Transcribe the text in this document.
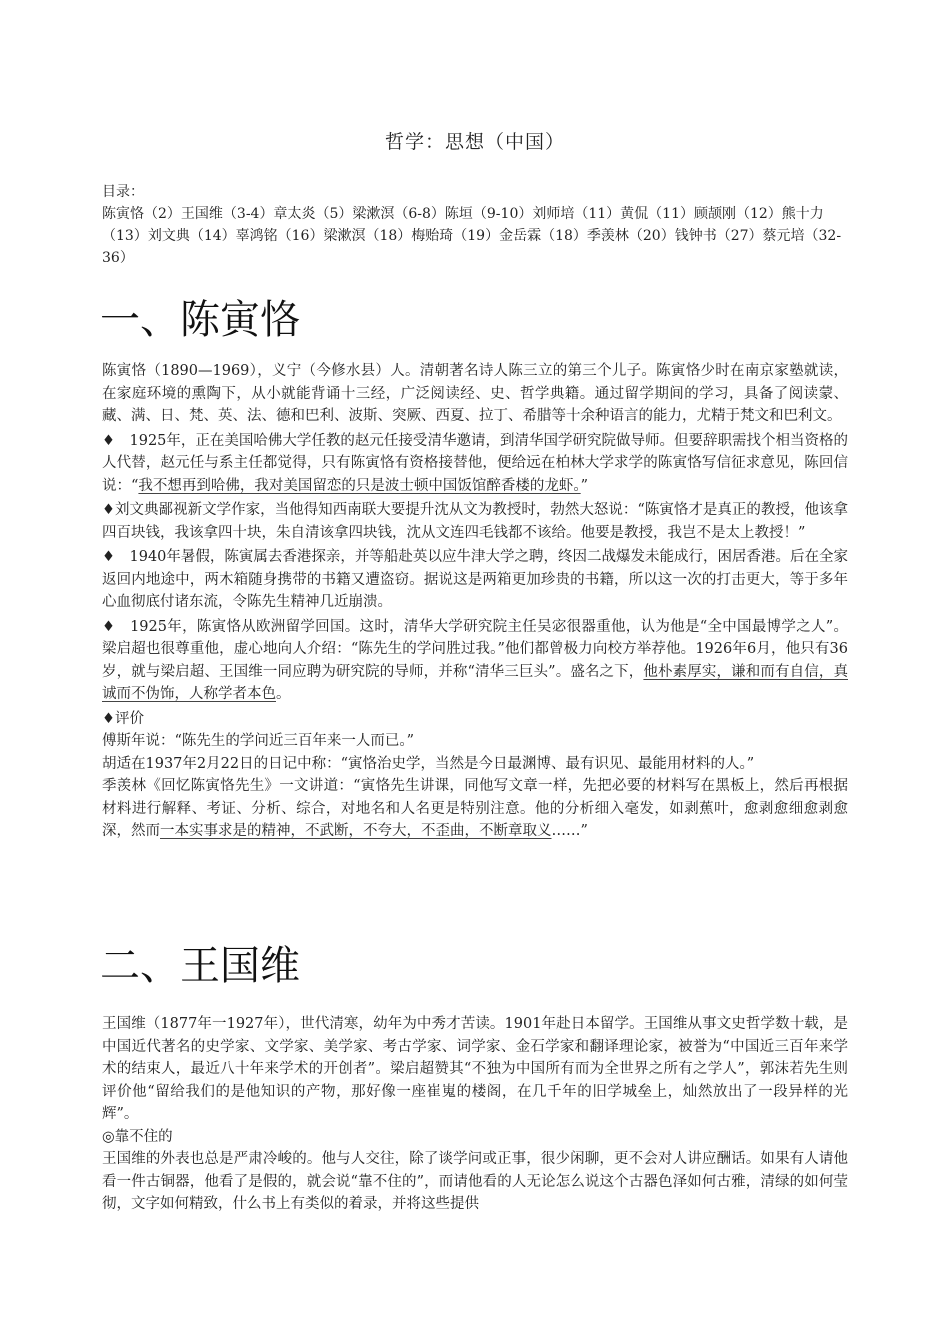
哲学：思想（中国）
目录：
陈寅恪（2）王国维（3-4）章太炎（5）梁漱溟（6-8）陈垣（9-10）刘师培（11）黄侃（11）顾颉刚（12）熊十力（13）刘文典（14）辜鸿铭（16）梁漱溟（18）梅贻琦（19）金岳霖（18）季羡林（20）钱钟书（27）蔡元培（32-36）
一、陈寅恪

陈寅恪（1890—1969），义宁（今修水县）人。清朝著名诗人陈三立的第三个儿子。陈寅恪少时在南京家塾就读，在家庭环境的熏陶下，从小就能背诵十三经，广泛阅读经、史、哲学典籍。通过留学期间的学习，具备了阅读蒙、藏、满、日、梵、英、法、德和巴利、波斯、突厥、西夏、拉丁、希腊等十余种语言的能力，尤精于梵文和巴利文。

♦　1925年，正在美国哈佛大学任教的赵元任接受清华邀请，到清华国学研究院做导师。但要辞职需找个相当资格的人代替，赵元任与系主任都觉得，只有陈寅恪有资格接替他，便给远在柏林大学求学的陈寅恪写信征求意见，陈回信说：“我不想再到哈佛，我对美国留恋的只是波士顿中国饭馆醉香楼的龙虾。”

♦刘文典鄙视新文学作家，当他得知西南联大要提升沈从文为教授时，勃然大怒说：“陈寅恪才是真正的教授，他该拿四百块钱，我该拿四十块，朱自清该拿四块钱，沈从文连四毛钱都不该给。他要是教授，我岂不是太上教授！”

♦　1940年暑假，陈寅属去香港探亲，并等船赴英以应牛津大学之聘，终因二战爆发未能成行，困居香港。后在全家返回内地途中，两木箱随身携带的书籍又遭盗窃。据说这是两箱更加珍贵的书籍，所以这一次的打击更大，等于多年心血彻底付诸东流，令陈先生精神几近崩溃。

♦　1925年，陈寅恪从欧洲留学回国。这时，清华大学研究院主任吴宓很器重他，认为他是“全中国最博学之人”。梁启超也很尊重他，虚心地向人介绍：“陈先生的学问胜过我。”他们都曾极力向校方举荐他。1926年6月，他只有36岁，就与梁启超、王国维一同应聘为研究院的导师，并称“清华三巨头”。盛名之下，他朴素厚实，谦和而有自信，真诚而不伪饰，人称学者本色。

♦评价

傅斯年说：“陈先生的学问近三百年来一人而已。”

胡适在1937年2月22日的日记中称：“寅恪治史学，当然是今日最渊博、最有识见、最能用材料的人。”

季羡林《回忆陈寅恪先生》一文讲道：“寅恪先生讲课，同他写文章一样，先把必要的材料写在黑板上，然后再根据材料进行解释、考证、分析、综合，对地名和人名更是特别注意。他的分析细入毫发，如剥蕉叶，愈剥愈细愈剥愈深，然而一本实事求是的精神，不武断，不夸大，不歪曲，不断章取义……”

二、王国维

王国维（1877年一1927年），世代清寒，幼年为中秀才苦读。1901年赴日本留学。王国维从事文史哲学数十载，是中国近代著名的史学家、文学家、美学家、考古学家、词学家、金石学家和翻译理论家，被誉为“中国近三百年来学术的结束人，最近八十年来学术的开创者”。梁启超赞其“不独为中国所有而为全世界之所有之学人”，郭沫若先生则评价他“留给我们的是他知识的产物，那好像一座崔嵬的楼阁，在几千年的旧学城垒上，灿然放出了一段异样的光辉”。

◎靠不住的

王国维的外表也总是严肃冷峻的。他与人交往，除了谈学问或正事，很少闲聊，更不会对人讲应酬话。如果有人请他看一件古铜器，他看了是假的，就会说“靠不住的”，而请他看的人无论怎么说这个古器色泽如何古雅，清绿的如何莹彻，文字如何精致，什么书上有类似的着录，并将这些提供
